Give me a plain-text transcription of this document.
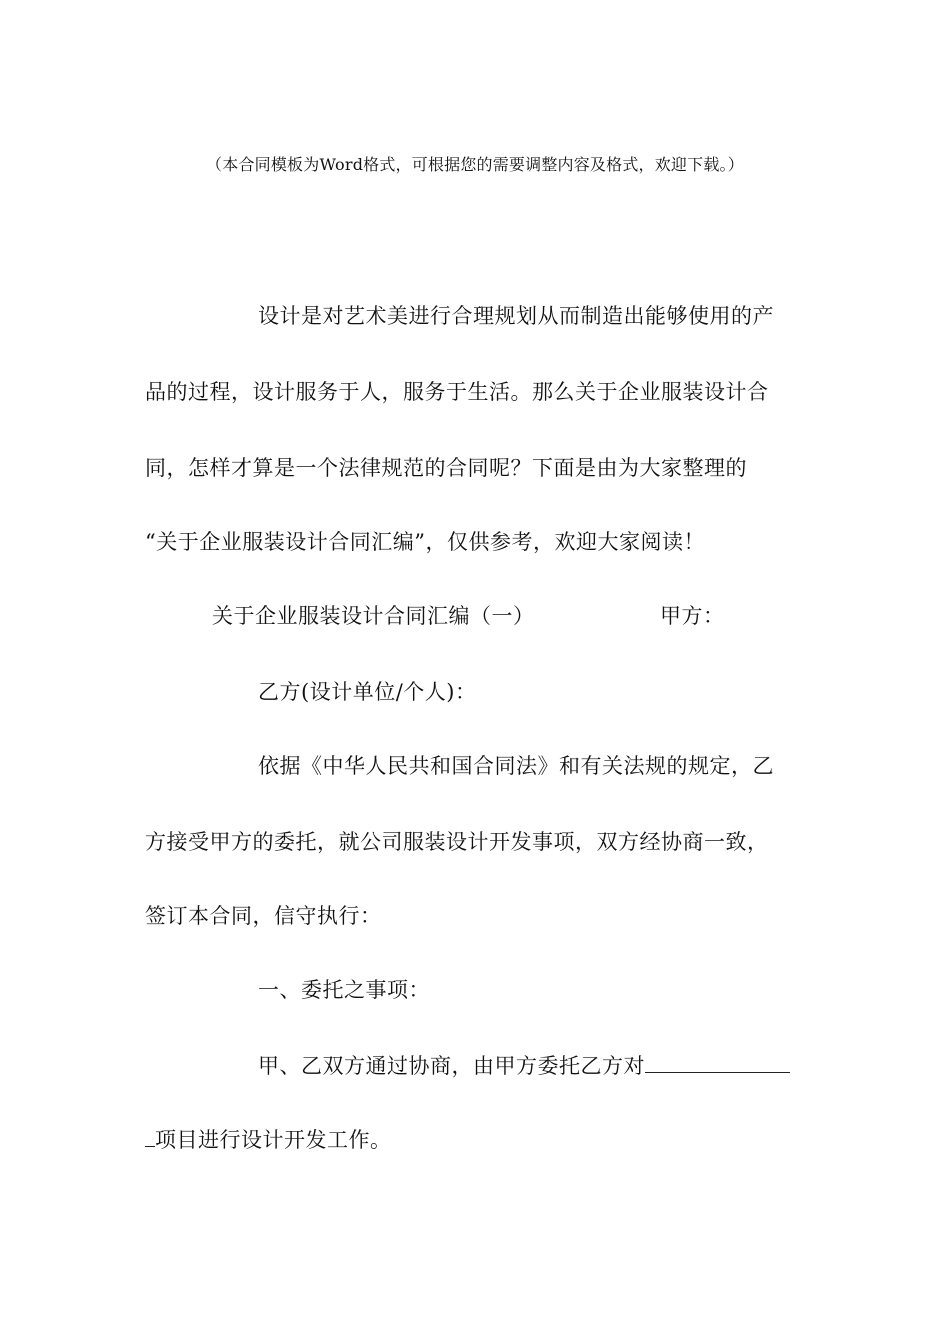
（本合同模板为Word格式，可根据您的需要调整内容及格式，欢迎下载。）
设计是对艺术美进行合理规划从而制造出能够使用的产
品的过程，设计服务于人，服务于生活。那么关于企业服装设计合
同，怎样才算是一个法律规范的合同呢？下面是由为大家整理的
“关于企业服装设计合同汇编”，仅供参考，欢迎大家阅读！
关于企业服装设计合同汇编（一）	甲方：
乙方(设计单位/个人)：
依据《中华人民共和国合同法》和有关法规的规定，乙
方接受甲方的委托，就公司服装设计开发事项，双方经协商一致，
签订本合同，信守执行：
一、委托之事项：
甲、乙双方通过协商，由甲方委托乙方对
项目进行设计开发工作。
